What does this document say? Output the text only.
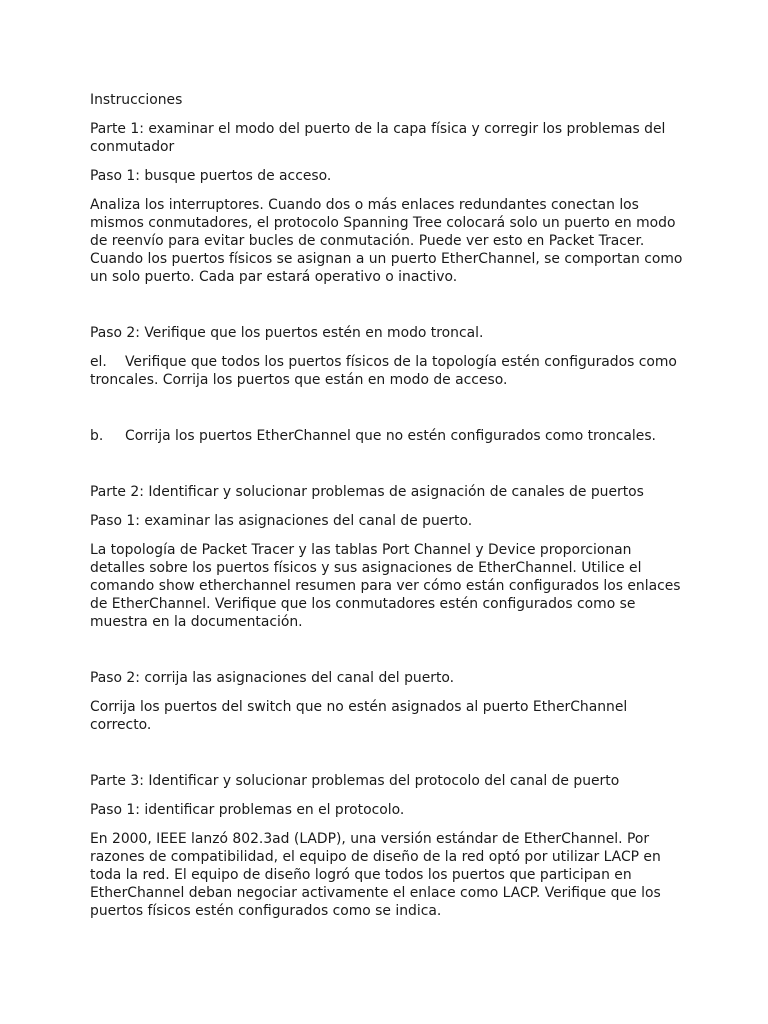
Instrucciones

Parte 1: examinar el modo del puerto de la capa física y corregir los problemas del conmutador

Paso 1: busque puertos de acceso.

Analiza los interruptores. Cuando dos o más enlaces redundantes conectan los mismos conmutadores, el protocolo Spanning Tree colocará solo un puerto en modo de reenvío para evitar bucles de conmutación. Puede ver esto en Packet Tracer. Cuando los puertos físicos se asignan a un puerto EtherChannel, se comportan como un solo puerto. Cada par estará operativo o inactivo.

Paso 2: Verifique que los puertos estén en modo troncal.

el. Verifique que todos los puertos físicos de la topología estén configurados como troncales. Corrija los puertos que están en modo de acceso.

b. Corrija los puertos EtherChannel que no estén configurados como troncales.

Parte 2: Identificar y solucionar problemas de asignación de canales de puertos

Paso 1: examinar las asignaciones del canal de puerto.

La topología de Packet Tracer y las tablas Port Channel y Device proporcionan detalles sobre los puertos físicos y sus asignaciones de EtherChannel. Utilice el comando show etherchannel resumen para ver cómo están configurados los enlaces de EtherChannel. Verifique que los conmutadores estén configurados como se muestra en la documentación.

Paso 2: corrija las asignaciones del canal del puerto.

Corrija los puertos del switch que no estén asignados al puerto EtherChannel correcto.

Parte 3: Identificar y solucionar problemas del protocolo del canal de puerto

Paso 1: identificar problemas en el protocolo.

En 2000, IEEE lanzó 802.3ad (LADP), una versión estándar de EtherChannel. Por razones de compatibilidad, el equipo de diseño de la red optó por utilizar LACP en toda la red. El equipo de diseño logró que todos los puertos que participan en EtherChannel deban negociar activamente el enlace como LACP. Verifique que los puertos físicos estén configurados como se indica.
